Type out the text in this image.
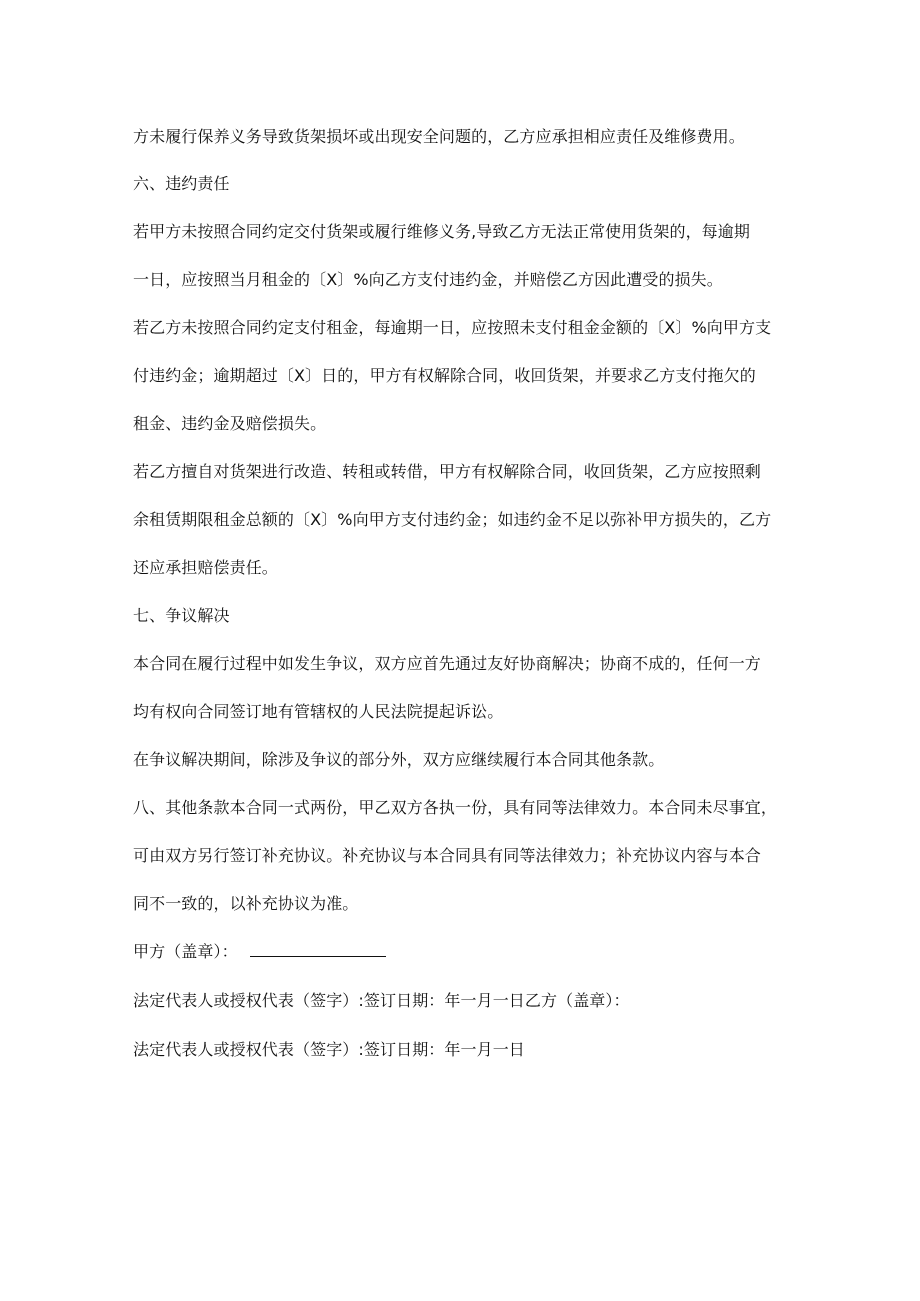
方未履行保养义务导致货架损坏或出现安全问题的，乙方应承担相应责任及维修费用。
六、违约责任
若甲方未按照合同约定交付货架或履行维修义务,导致乙方无法正常使用货架的，每逾期
一日，应按照当月租金的〔X〕%向乙方支付违约金，并赔偿乙方因此遭受的损失。
若乙方未按照合同约定支付租金，每逾期一日，应按照未支付租金金额的〔X〕%向甲方支
付违约金；逾期超过〔X〕日的，甲方有权解除合同，收回货架，并要求乙方支付拖欠的
租金、违约金及赔偿损失。
若乙方擅自对货架进行改造、转租或转借，甲方有权解除合同，收回货架，乙方应按照剩
余租赁期限租金总额的〔X〕%向甲方支付违约金；如违约金不足以弥补甲方损失的，乙方
还应承担赔偿责任。
七、争议解决
本合同在履行过程中如发生争议，双方应首先通过友好协商解决；协商不成的，任何一方
均有权向合同签订地有管辖权的人民法院提起诉讼。
在争议解决期间，除涉及争议的部分外，双方应继续履行本合同其他条款。
八、其他条款本合同一式两份，甲乙双方各执一份，具有同等法律效力。本合同未尽事宜，
可由双方另行签订补充协议。补充协议与本合同具有同等法律效力；补充协议内容与本合
同不一致的，以补充协议为准。
甲方（盖章）：
法定代表人或授权代表（签字）:签订日期：年一月一日乙方（盖章）：
法定代表人或授权代表（签字）:签订日期：年一月一日
